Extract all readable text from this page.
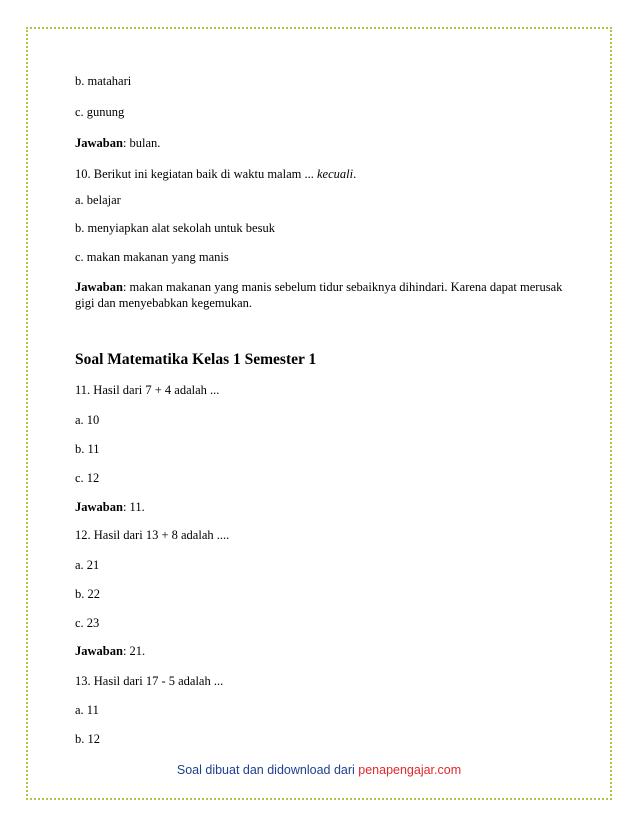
b. matahari
c. gunung
Jawaban: bulan.
10. Berikut ini kegiatan baik di waktu malam ... kecuali.
a. belajar
b. menyiapkan alat sekolah untuk besuk
c. makan makanan yang manis
Jawaban: makan makanan yang manis sebelum tidur sebaiknya dihindari. Karena dapat merusak gigi dan menyebabkan kegemukan.
Soal Matematika Kelas 1 Semester 1
11. Hasil dari 7 + 4 adalah ...
a. 10
b. 11
c. 12
Jawaban: 11.
12. Hasil dari 13 + 8 adalah ....
a. 21
b. 22
c. 23
Jawaban: 21.
13. Hasil dari 17 - 5 adalah ...
a. 11
b. 12
Soal dibuat dan didownload dari penapengajar.com
